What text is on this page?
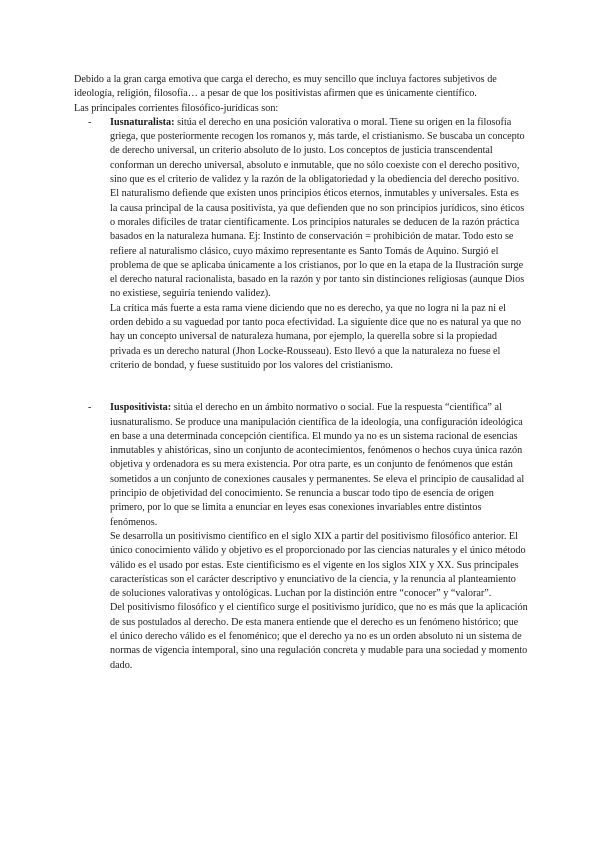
Debido a la gran carga emotiva que carga el derecho, es muy sencillo que incluya factores subjetivos de ideología, religión, filosofía… a pesar de que los positivistas afirmen que es únicamente científico.

Las principales corrientes filosófico-jurídicas son:

- Iusnaturalista: sitúa el derecho en una posición valorativa o moral. Tiene su origen en la filosofía griega, que posteriormente recogen los romanos y, más tarde, el cristianismo. Se buscaba un concepto de derecho universal, un criterio absoluto de lo justo. Los conceptos de justicia transcendental conforman un derecho universal, absoluto e inmutable, que no sólo coexiste con el derecho positivo, sino que es el criterio de validez y la razón de la obligatoriedad y la obediencia del derecho positivo. El naturalismo defiende que existen unos principios éticos eternos, inmutables y universales. Esta es la causa principal de la causa positivista, ya que defienden que no son principios jurídicos, sino éticos o morales difíciles de tratar científicamente. Los principios naturales se deducen de la razón práctica basados en la naturaleza humana. Ej: Instinto de conservación = prohibición de matar. Todo esto se refiere al naturalismo clásico, cuyo máximo representante es Santo Tomás de Aquino. Surgió el problema de que se aplicaba únicamente a los cristianos, por lo que en la etapa de la Ilustración surge el derecho natural racionalista, basado en la razón y por tanto sin distinciones religiosas (aunque Dios no existiese, seguiría teniendo validez).

La crítica más fuerte a esta rama viene diciendo que no es derecho, ya que no logra ni la paz ni el orden debido a su vaguedad por tanto poca efectividad. La siguiente dice que no es natural ya que no hay un concepto universal de naturaleza humana, por ejemplo, la querella sobre si la propiedad privada es un derecho natural (Jhon Locke-Rousseau). Esto llevó a que la naturaleza no fuese el criterio de bondad, y fuese sustituido por los valores del cristianismo.

- Iuspositivista: sitúa el derecho en un ámbito normativo o social. Fue la respuesta “científica” al iusnaturalismo. Se produce una manipulación científica de la ideología, una configuración ideológica en base a una determinada concepción científica. El mundo ya no es un sistema racional de esencias inmutables y ahistóricas, sino un conjunto de acontecimientos, fenómenos o hechos cuya única razón objetiva y ordenadora es su mera existencia. Por otra parte, es un conjunto de fenómenos que están sometidos a un conjunto de conexiones causales y permanentes. Se eleva el principio de causalidad al principio de objetividad del conocimiento. Se renuncia a buscar todo tipo de esencia de origen primero, por lo que se limita a enunciar en leyes esas conexiones invariables entre distintos fenómenos.

Se desarrolla un positivismo científico en el siglo XIX a partir del positivismo filosófico anterior. El único conocimiento válido y objetivo es el proporcionado por las ciencias naturales y el único método válido es el usado por estas. Este cientificismo es el vigente en los siglos XIX y XX. Sus principales características son el carácter descriptivo y enunciativo de la ciencia, y la renuncia al planteamiento de soluciones valorativas y ontológicas. Luchan por la distinción entre “conocer” y “valorar”.

Del positivismo filosófico y el científico surge el positivismo jurídico, que no es más que la aplicación de sus postulados al derecho. De esta manera entiende que el derecho es un fenómeno histórico; que el único derecho válido es el fenoménico; que el derecho ya no es un orden absoluto ni un sistema de normas de vigencia intemporal, sino una regulación concreta y mudable para una sociedad y momento dado.
